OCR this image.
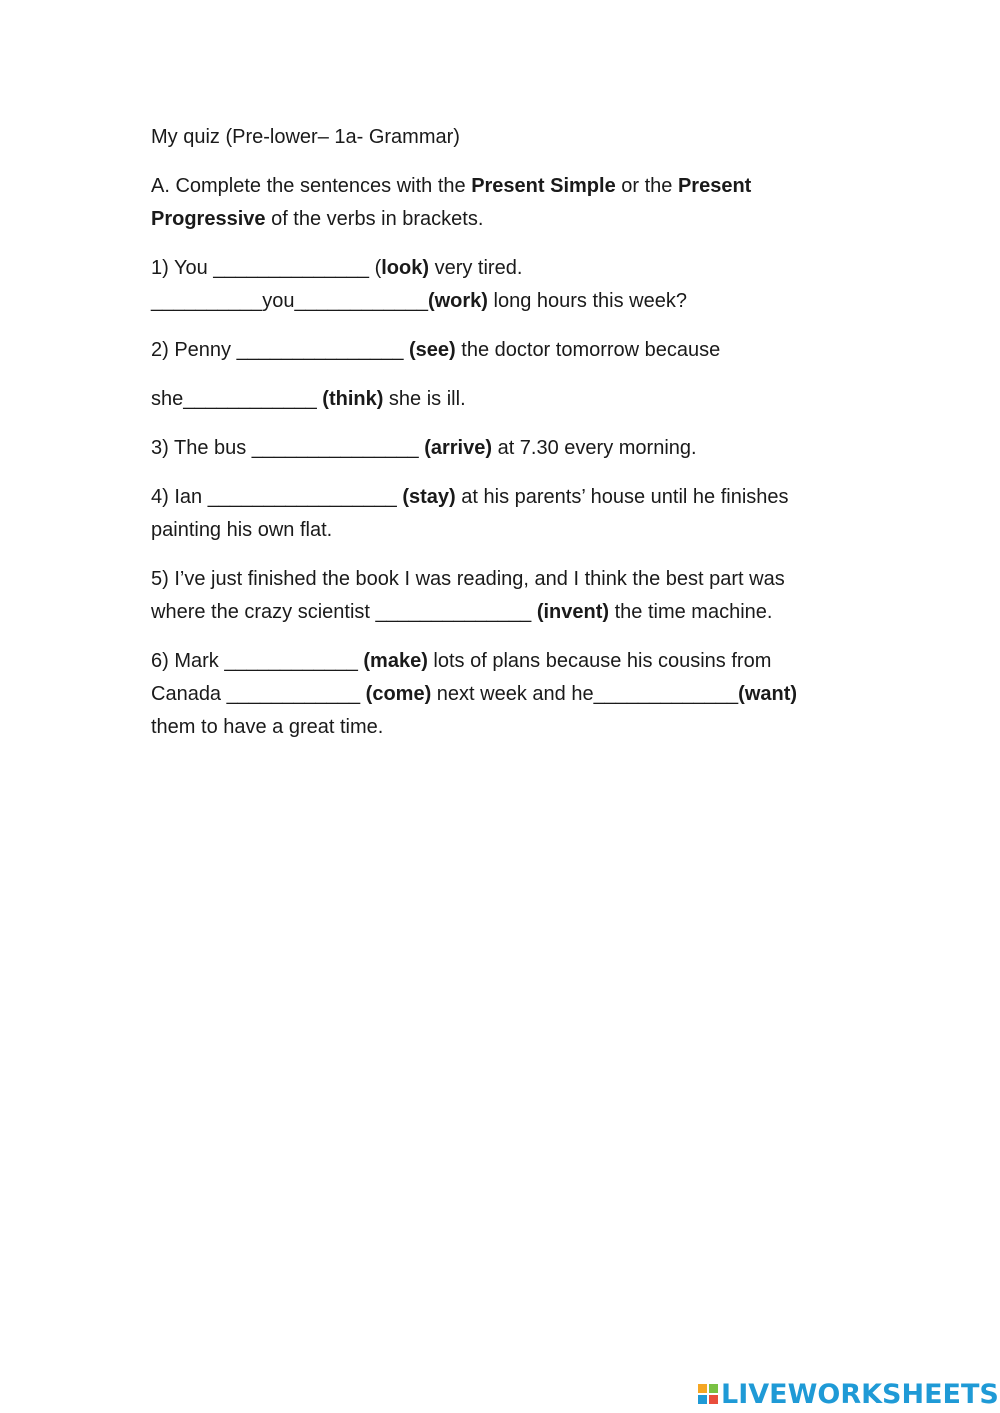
My quiz (Pre-lower– 1a- Grammar)
A. Complete the sentences with the Present Simple or the Present
Progressive of the verbs in brackets.
1) You ______________ (look) very tired.
__________you____________(work) long hours this week?
2) Penny _______________ (see) the doctor tomorrow because
she____________ (think) she is ill.
3) The bus _______________ (arrive) at 7.30 every morning.
4) Ian _________________ (stay) at his parents’ house until he finishes
painting his own flat.
5) I’ve just finished the book I was reading, and I think the best part was
where the crazy scientist ______________ (invent) the time machine.
6) Mark ____________ (make) lots of plans because his cousins from
Canada ____________ (come) next week and he_____________(want)
them to have a great time.
LIVEWORKSHEETS
